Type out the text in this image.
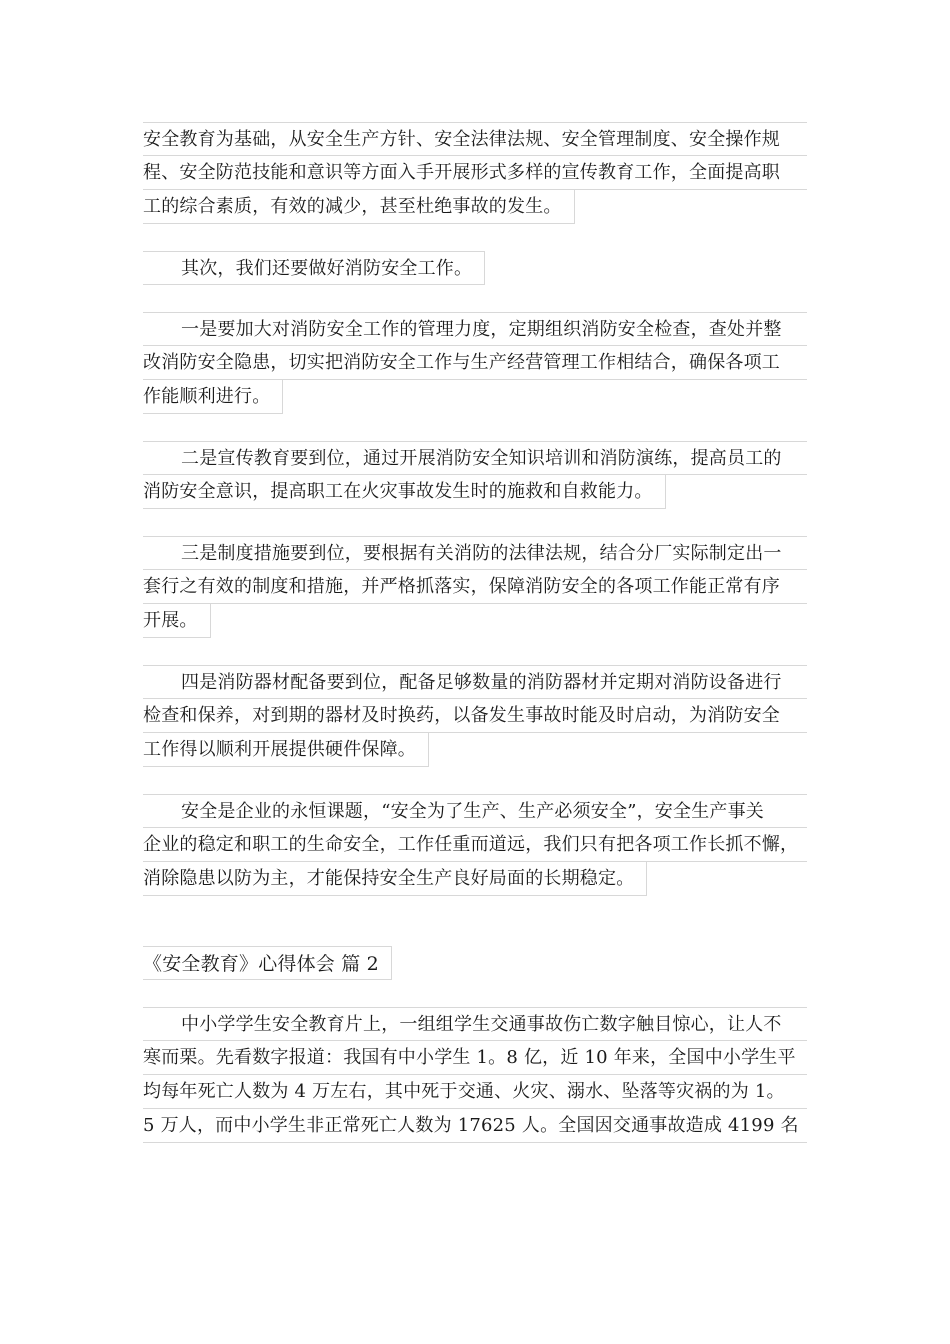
安全教育为基础，从安全生产方针、安全法律法规、安全管理制度、安全操作规
程、安全防范技能和意识等方面入手开展形式多样的宣传教育工作，全面提高职
工的综合素质，有效的减少，甚至杜绝事故的发生。
其次，我们还要做好消防安全工作。
一是要加大对消防安全工作的管理力度，定期组织消防安全检查，查处并整
改消防安全隐患，切实把消防安全工作与生产经营管理工作相结合，确保各项工
作能顺利进行。
二是宣传教育要到位，通过开展消防安全知识培训和消防演练，提高员工的
消防安全意识，提高职工在火灾事故发生时的施救和自救能力。
三是制度措施要到位，要根据有关消防的法律法规，结合分厂实际制定出一
套行之有效的制度和措施，并严格抓落实，保障消防安全的各项工作能正常有序
开展。
四是消防器材配备要到位，配备足够数量的消防器材并定期对消防设备进行
检查和保养，对到期的器材及时换药，以备发生事故时能及时启动，为消防安全
工作得以顺利开展提供硬件保障。
安全是企业的永恒课题，“安全为了生产、生产必须安全”，安全生产事关
企业的稳定和职工的生命安全，工作任重而道远，我们只有把各项工作长抓不懈，
消除隐患以防为主，才能保持安全生产良好局面的长期稳定。
《安全教育》心得体会 篇 2
中小学学生安全教育片上，一组组学生交通事故伤亡数字触目惊心，让人不
寒而栗。先看数字报道：我国有中小学生 1。8 亿，近 10 年来，全国中小学生平
均每年死亡人数为 4 万左右，其中死于交通、火灾、溺水、坠落等灾祸的为 1。
5 万人，而中小学生非正常死亡人数为 17625 人。全国因交通事故造成 4199 名
